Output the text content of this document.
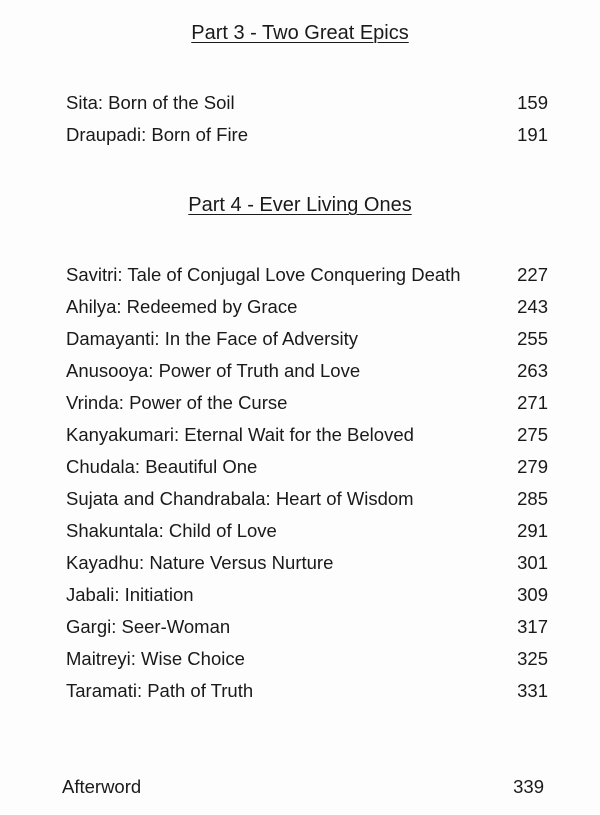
Part 3 - Two Great Epics
Sita: Born of the Soil	159
Draupadi: Born of Fire	191
Part 4 - Ever Living Ones
Savitri: Tale of Conjugal Love Conquering Death	227
Ahilya: Redeemed by Grace	243
Damayanti: In the Face of Adversity	255
Anusooya: Power of Truth and Love	263
Vrinda: Power of the Curse	271
Kanyakumari: Eternal Wait for the Beloved	275
Chudala: Beautiful One	279
Sujata and Chandrabala: Heart of Wisdom	285
Shakuntala: Child of Love	291
Kayadhu: Nature Versus Nurture	301
Jabali: Initiation	309
Gargi: Seer-Woman	317
Maitreyi: Wise Choice	325
Taramati: Path of Truth	331
Afterword	339
